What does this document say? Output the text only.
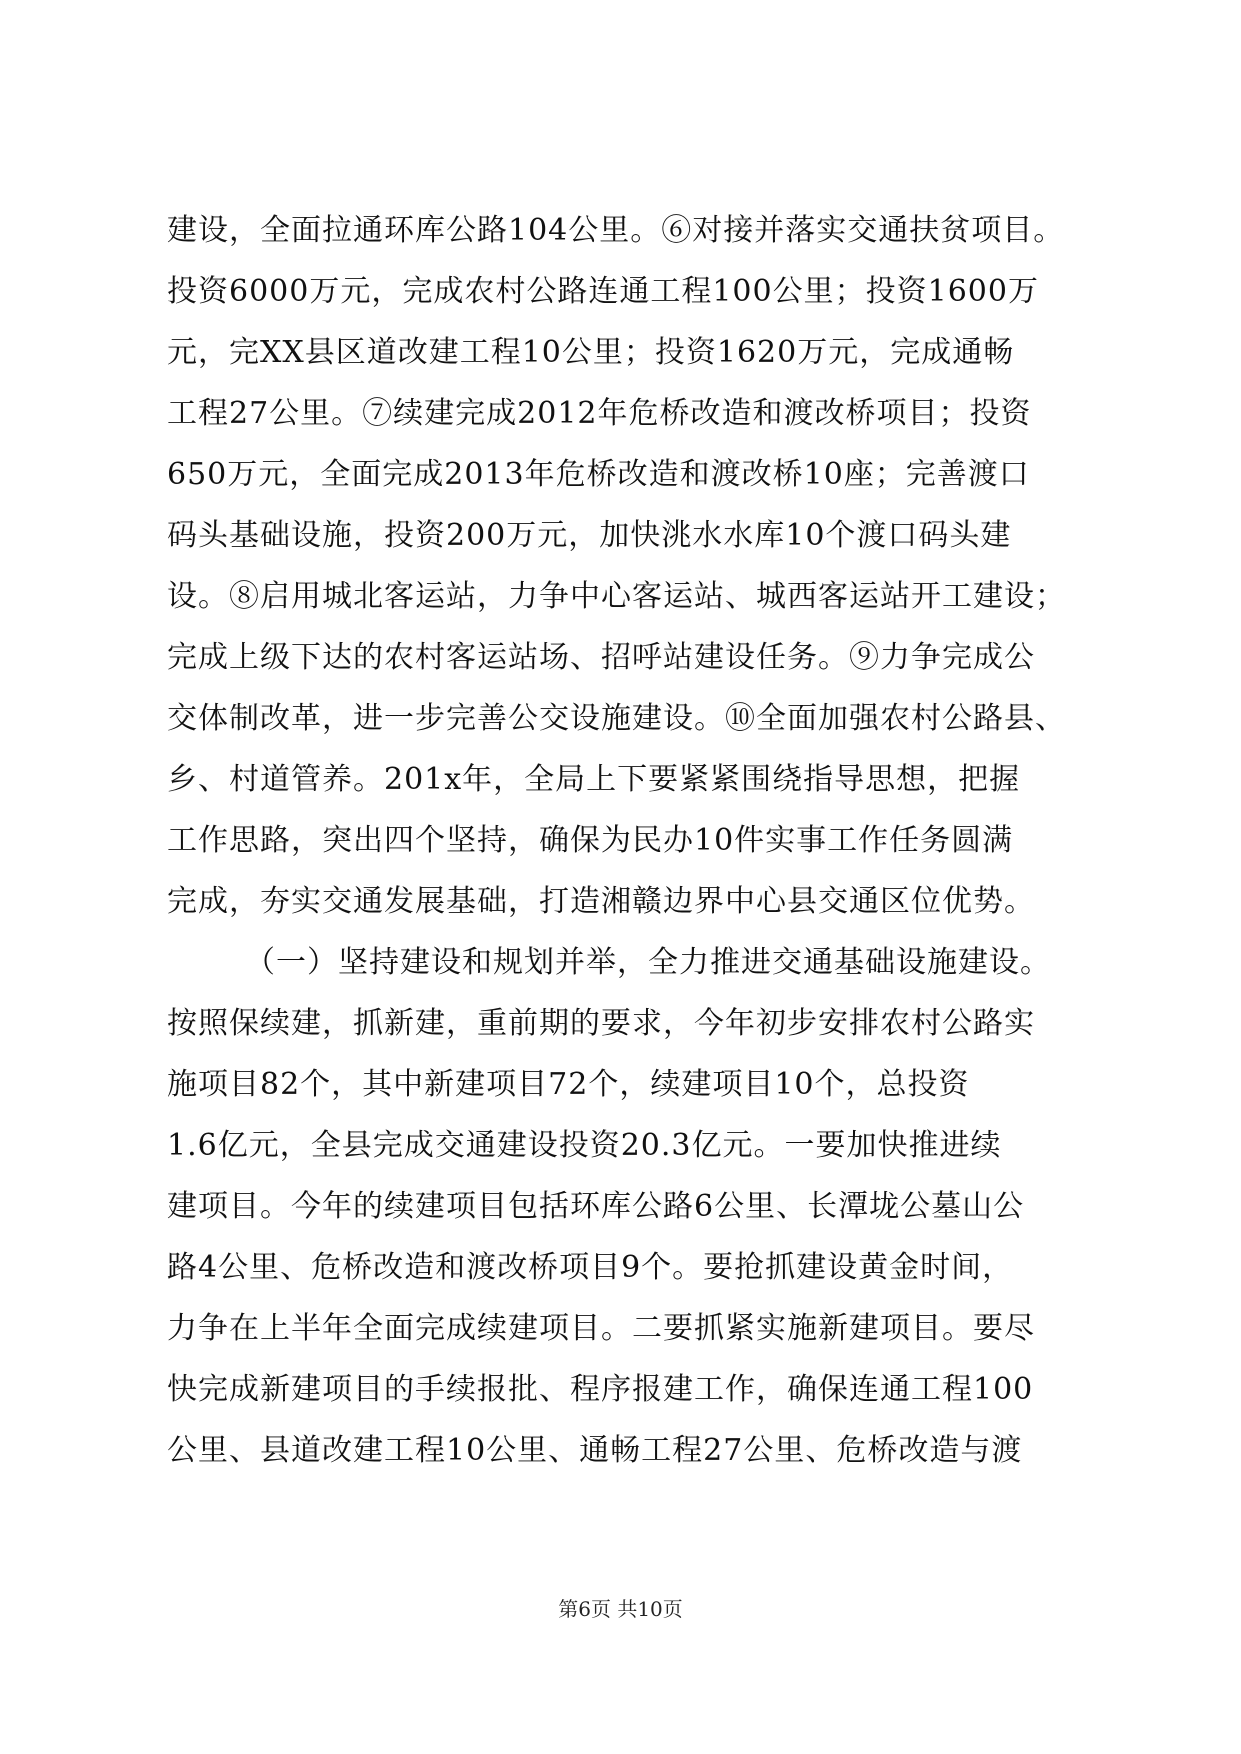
建设，全面拉通环库公路104公里。⑥对接并落实交通扶贫项目。
投资6000万元，完成农村公路连通工程100公里；投资1600万
元，完XX县区道改建工程10公里；投资1620万元，完成通畅
工程27公里。⑦续建完成2012年危桥改造和渡改桥项目；投资
650万元，全面完成2013年危桥改造和渡改桥10座；完善渡口
码头基础设施，投资200万元，加快洮水水库10个渡口码头建
设。⑧启用城北客运站，力争中心客运站、城西客运站开工建设；
完成上级下达的农村客运站场、招呼站建设任务。⑨力争完成公
交体制改革，进一步完善公交设施建设。⑩全面加强农村公路县、
乡、村道管养。201x年，全局上下要紧紧围绕指导思想，把握
工作思路，突出四个坚持，确保为民办10件实事工作任务圆满
完成，夯实交通发展基础，打造湘赣边界中心县交通区位优势。
（一）坚持建设和规划并举，全力推进交通基础设施建设。
按照保续建，抓新建，重前期的要求，今年初步安排农村公路实
施项目82个，其中新建项目72个，续建项目10个，总投资
1.6亿元，全县完成交通建设投资20.3亿元。一要加快推进续
建项目。今年的续建项目包括环库公路6公里、长潭垅公墓山公
路4公里、危桥改造和渡改桥项目9个。要抢抓建设黄金时间，
力争在上半年全面完成续建项目。二要抓紧实施新建项目。要尽
快完成新建项目的手续报批、程序报建工作，确保连通工程100
公里、县道改建工程10公里、通畅工程27公里、危桥改造与渡
第6页 共10页
